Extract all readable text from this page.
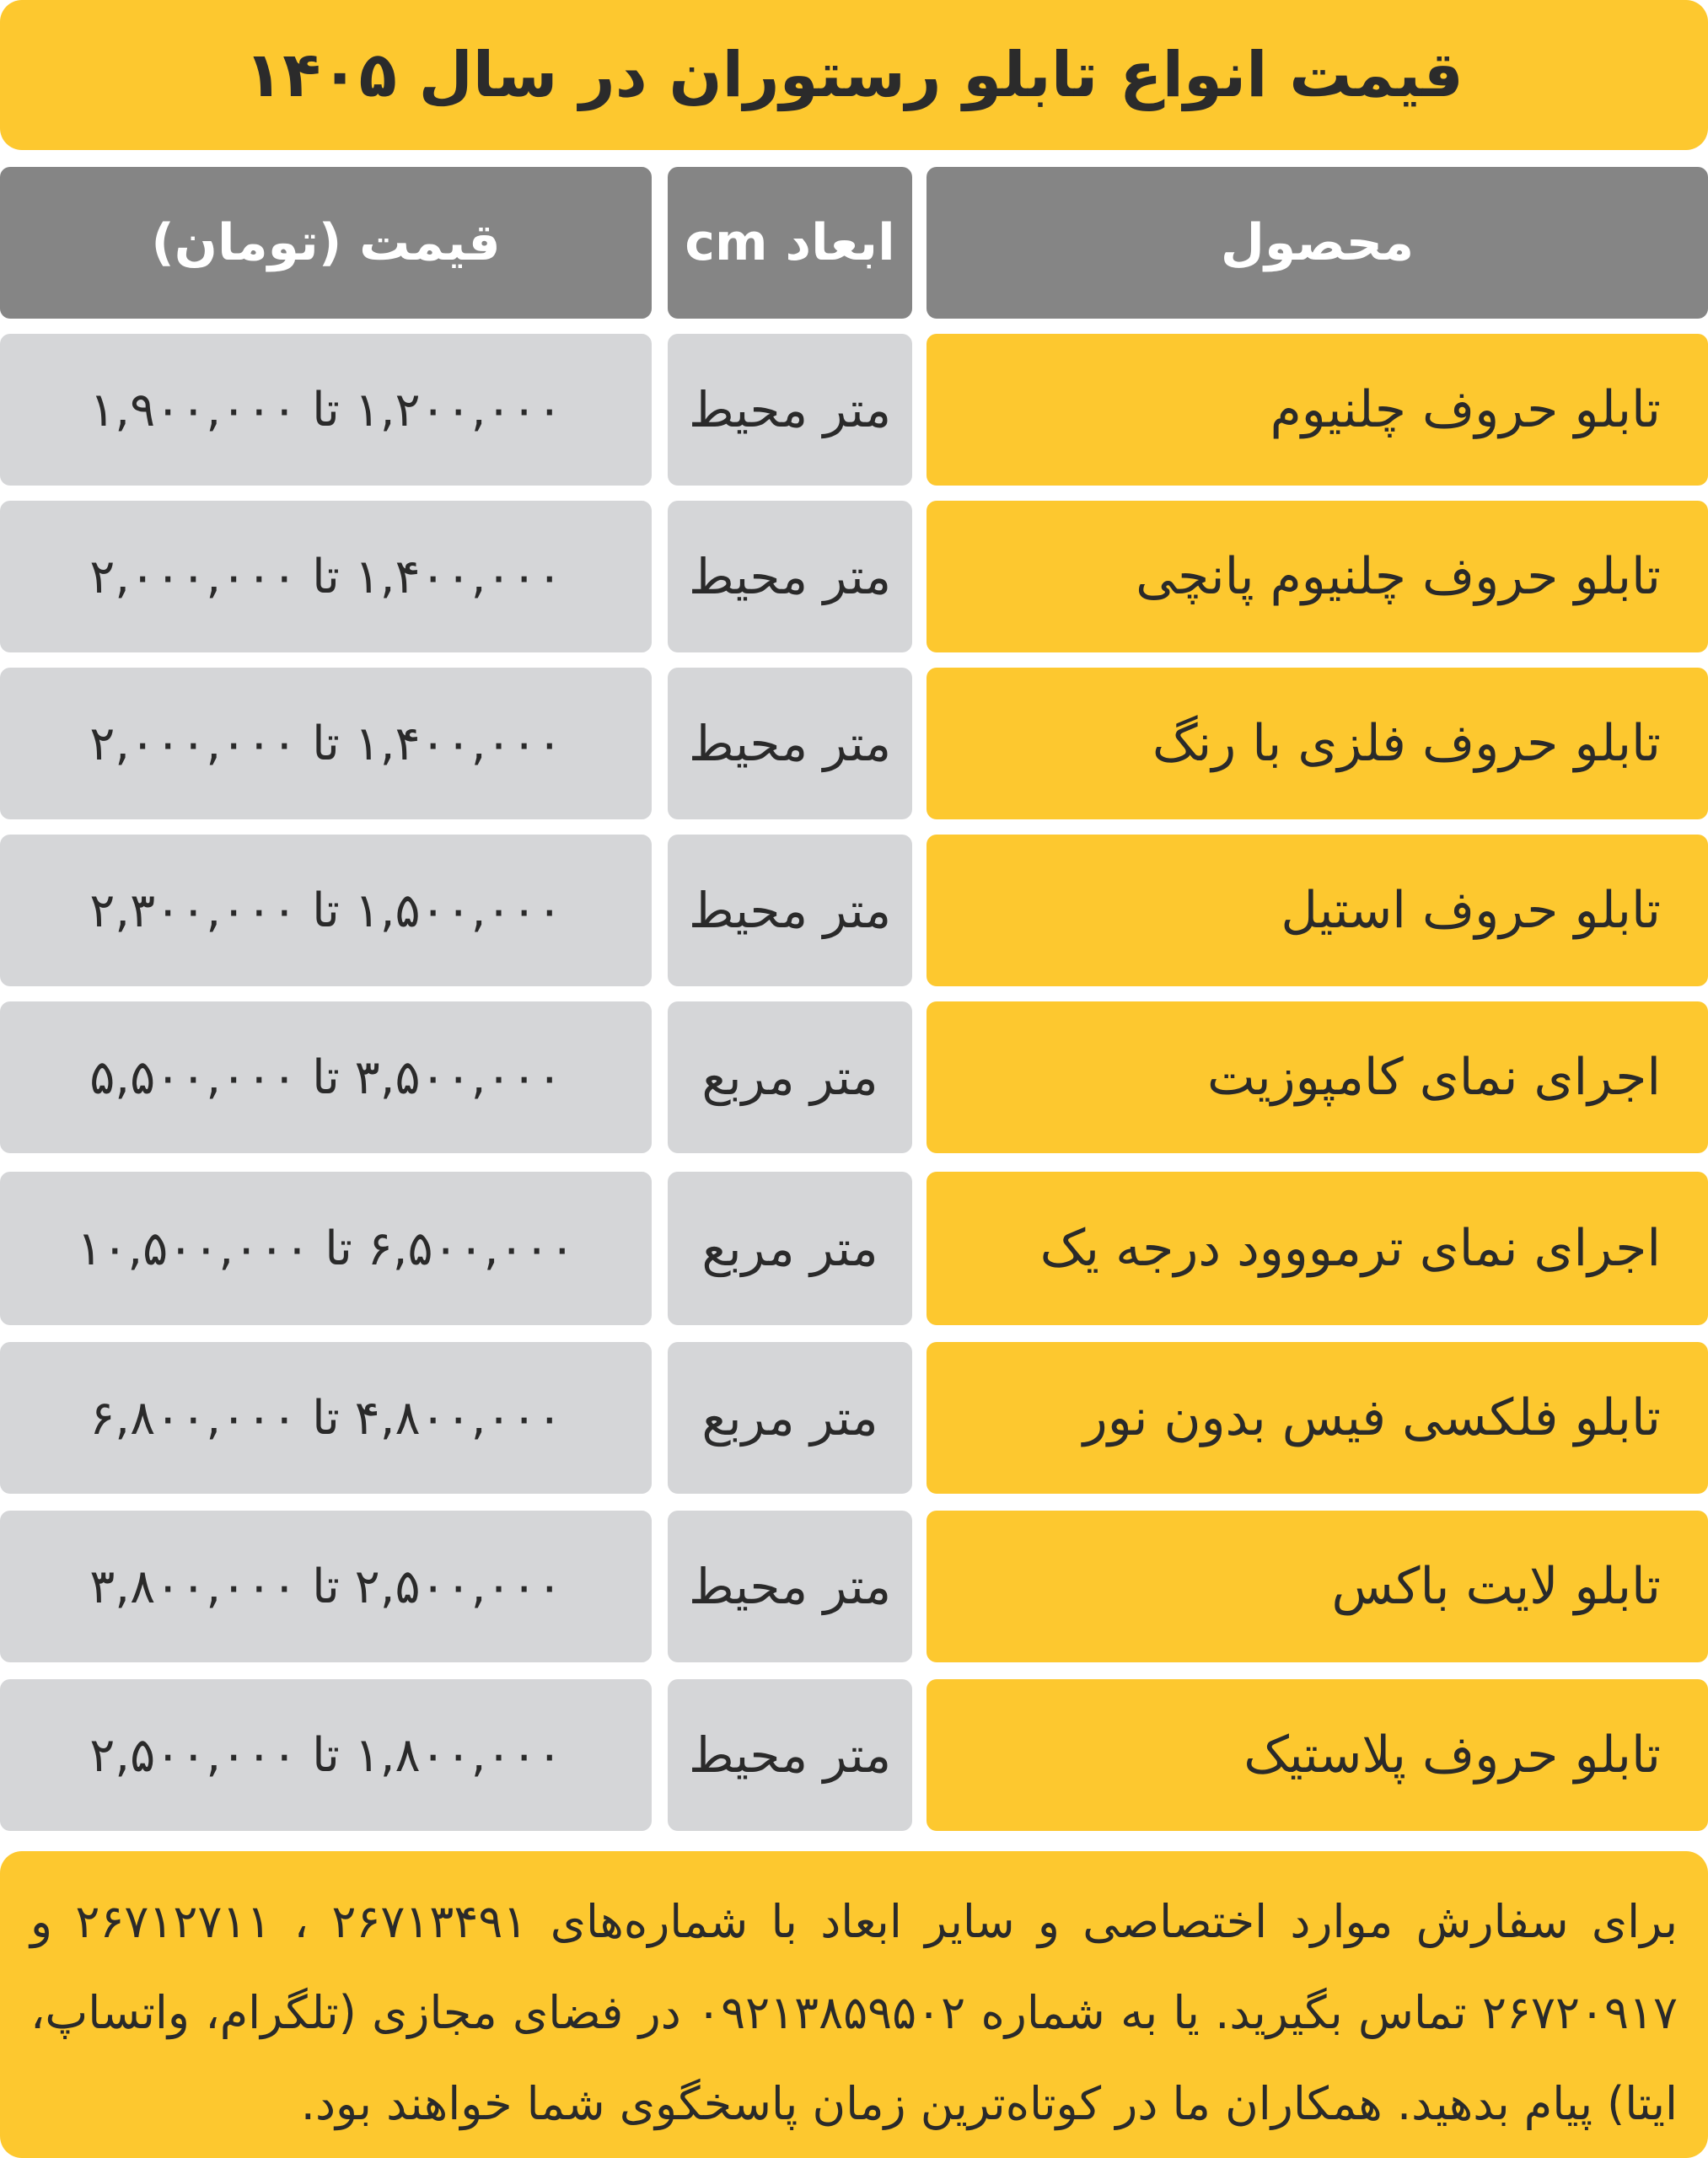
قیمت انواع تابلو رستوران در سال ۱۴۰۵
محصول
ابعاد cm
قیمت (تومان)
تابلو حروف چلنیوم
متر محیط
۱,۲۰۰,۰۰۰ تا ۱,۹۰۰,۰۰۰
تابلو حروف چلنیوم پانچی
متر محیط
۱,۴۰۰,۰۰۰ تا ۲,۰۰۰,۰۰۰
تابلو حروف فلزی با رنگ
متر محیط
۱,۴۰۰,۰۰۰ تا ۲,۰۰۰,۰۰۰
تابلو حروف استیل
متر محیط
۱,۵۰۰,۰۰۰ تا ۲,۳۰۰,۰۰۰
اجرای نمای کامپوزیت
متر مربع
۳,۵۰۰,۰۰۰ تا ۵,۵۰۰,۰۰۰
اجرای نمای ترمووود درجه یک
متر مربع
۶,۵۰۰,۰۰۰ تا ۱۰,۵۰۰,۰۰۰
تابلو فلکسی فیس بدون نور
متر مربع
۴,۸۰۰,۰۰۰ تا ۶,۸۰۰,۰۰۰
تابلو لایت باکس
متر محیط
۲,۵۰۰,۰۰۰ تا ۳,۸۰۰,۰۰۰
تابلو حروف پلاستیک
متر محیط
۱,۸۰۰,۰۰۰ تا ۲,۵۰۰,۰۰۰
برای سفارش موارد اختصاصی و سایر ابعاد با شماره‌های ۲۶۷۱۳۴۹۱ ، ۲۶۷۱۲۷۱۱ و ۲۶۷۲۰۹۱۷ تماس بگیرید. یا به شماره ۰۹۲۱۳۸۵۹۵۰۲ در فضای مجازی (تلگرام، واتساپ، ایتا) پیام بدهید. همکاران ما در کوتاه‌ترین زمان پاسخگوی شما خواهند بود.
